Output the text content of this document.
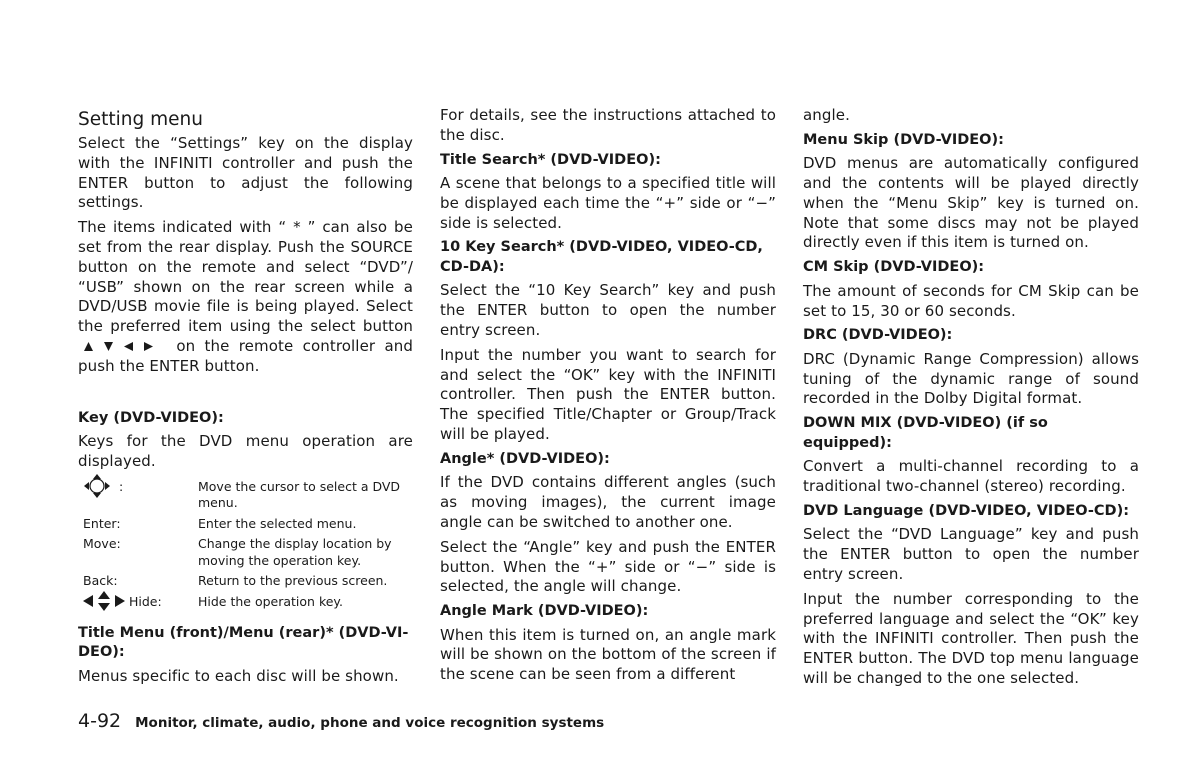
Setting menu

Select the “Settings” key on the display with the INFINITI controller and push the ENTER button to adjust the following settings.

The items indicated with “ * ” can also be set from the rear display. Push the SOURCE button on the remote and select “DVD”/ “USB” shown on the rear screen while a DVD/USB movie file is being played. Select the preferred item using the select button
on the remote controller and push the ENTER button.

Key (DVD-VIDEO):

Keys for the DVD menu operation are displayed.

:	Move the cursor to select a DVD menu.
Enter:	Enter the selected menu.
Move:	Change the display location by moving the operation key.
Back:	Return to the previous screen.
Hide:	Hide the operation key.
Title Menu (front)/Menu (rear)* (DVD-VI-DEO):

Menus specific to each disc will be shown.

For details, see the instructions attached to the disc.

Title Search* (DVD-VIDEO):

A scene that belongs to a specified title will be displayed each time the “+” side or “−” side is selected.

10 Key Search* (DVD-VIDEO, VIDEO-CD, CD-DA):

Select the “10 Key Search” key and push the ENTER button to open the number entry screen.

Input the number you want to search for and select the “OK” key with the INFINITI controller. Then push the ENTER button. The specified Title/Chapter or Group/Track will be played.

Angle* (DVD-VIDEO):

If the DVD contains different angles (such as moving images), the current image angle can be switched to another one.

Select the “Angle” key and push the ENTER button. When the “+” side or “−” side is selected, the angle will change.

Angle Mark (DVD-VIDEO):

When this item is turned on, an angle mark will be shown on the bottom of the screen if the scene can be seen from a different

angle.

Menu Skip (DVD-VIDEO):

DVD menus are automatically configured and the contents will be played directly when the “Menu Skip” key is turned on. Note that some discs may not be played directly even if this item is turned on.

CM Skip (DVD-VIDEO):

The amount of seconds for CM Skip can be set to 15, 30 or 60 seconds.

DRC (DVD-VIDEO):

DRC (Dynamic Range Compression) allows tuning of the dynamic range of sound recorded in the Dolby Digital format.

DOWN MIX (DVD-VIDEO) (if so equipped):

Convert a multi-channel recording to a traditional two-channel (stereo) recording.

DVD Language (DVD-VIDEO, VIDEO-CD):

Select the “DVD Language” key and push the ENTER button to open the number entry screen.

Input the number corresponding to the preferred language and select the “OK” key with the INFINITI controller. Then push the ENTER button. The DVD top menu language will be changed to the one selected.

4-92 Monitor, climate, audio, phone and voice recognition systems
